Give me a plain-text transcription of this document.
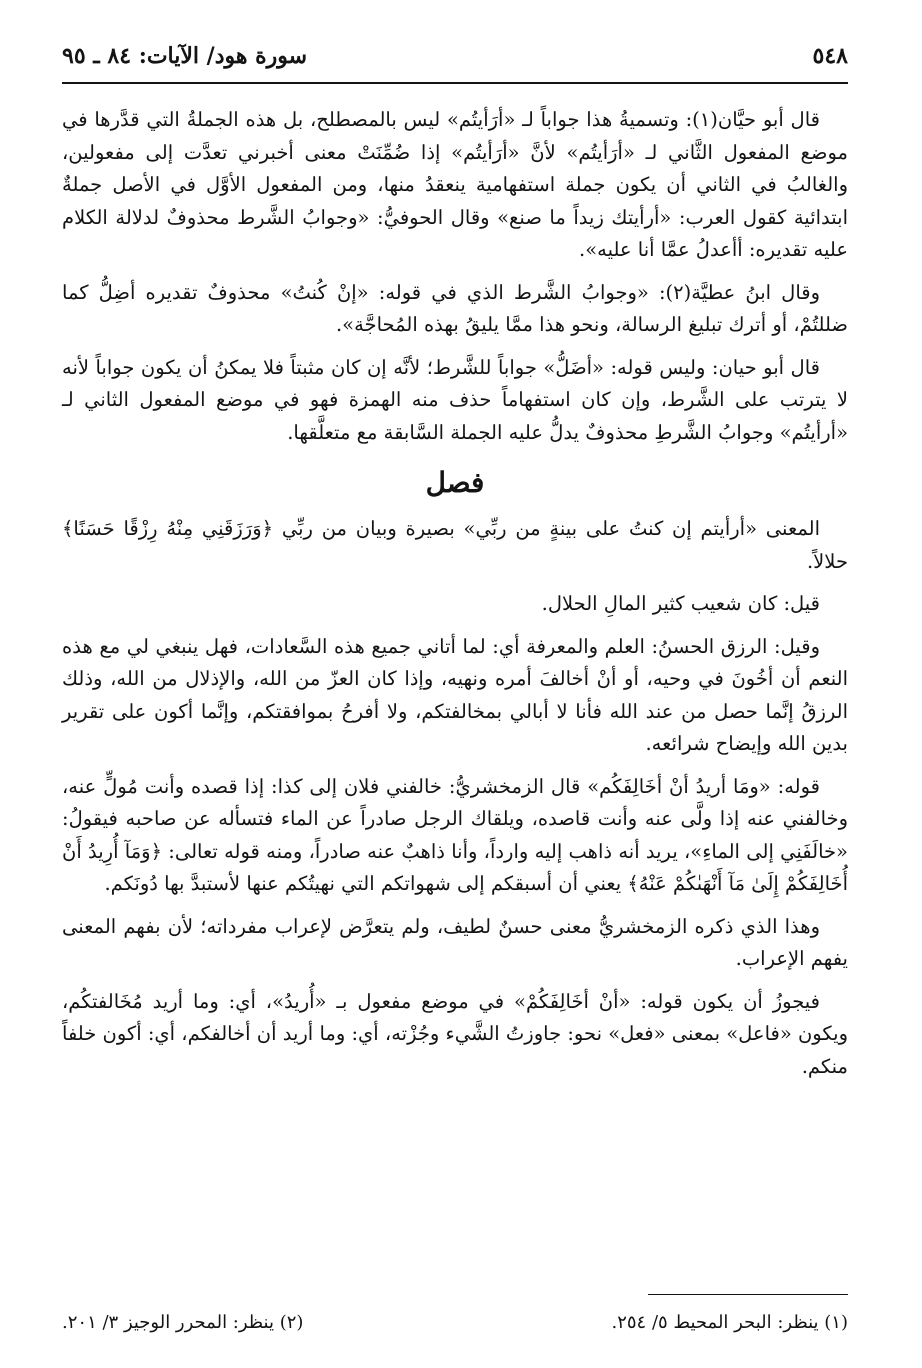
٥٤٨
سورة هود/ الآيات: ٨٤ ـ ٩٥

قال أبو حيَّان(١): وتسميةُ هذا جواباً لـ «أرَأيتُم» ليس بالمصطلح، بل هذه الجملةُ التي قدَّرها في موضع المفعول الثَّاني لـ «أرَأيتُم» لأنَّ «أرَأيتُم» إذا ضُمِّنَتْ معنى أخبرني تعدَّت إلى مفعولين، والغالبُ في الثاني أن يكون جملة استفهامية ينعقدُ منها، ومن المفعول الأوَّل في الأصل جملةٌ ابتدائية كقول العرب: «أرأيتك زيداً ما صنع» وقال الحوفيُّ: «وجوابُ الشَّرط محذوفٌ لدلالة الكلام عليه تقديره: أأعدلُ عمَّا أنا عليه».

وقال ابنُ عطيَّة(٢): «وجوابُ الشَّرط الذي في قوله: «إنْ كُنتُ» محذوفٌ تقديره أضِلُّ كما ضللتُمْ، أو أترك تبليغ الرسالة، ونحو هذا ممَّا يليقُ بهذه المُحاجَّة».

قال أبو حيان: وليس قوله: «أضَلُّ» جواباً للشَّرط؛ لأنَّه إن كان مثبتاً فلا يمكنُ أن يكون جواباً لأنه لا يترتب على الشَّرط، وإن كان استفهاماً حذف منه الهمزة فهو في موضع المفعول الثاني لـ «أرأيتُم» وجوابُ الشَّرطِ محذوفٌ يدلُّ عليه الجملة السَّابقة مع متعلَّقها.

فصل

المعنى «أرأيتم إن كنتُ على بينةٍ من ربِّي» بصيرة وبيان من ربِّي ﴿وَرَزَقَنِي مِنْهُ رِزْقًا حَسَنًا﴾ حلالاً.

قيل: كان شعيب كثير المالِ الحلال.

وقيل: الرزق الحسنُ: العلم والمعرفة أي: لما أتاني جميع هذه السَّعادات، فهل ينبغي لي مع هذه النعم أن أخُونَ في وحيه، أو أنْ أخالفَ أمره ونهيه، وإذا كان العزّ من الله، والإذلال من الله، وذلك الرزقُ إنَّما حصل من عند الله فأنا لا أبالي بمخالفتكم، ولا أفرحُ بموافقتكم، وإنَّما أكون على تقرير بدين الله وإيضاح شرائعه.

قوله: «ومَا أريدُ أنْ أخَالِفَكُم» قال الزمخشريُّ: خالفني فلان إلى كذا: إذا قصده وأنت مُولٍّ عنه، وخالفني عنه إذا ولَّى عنه وأنت قاصده، ويلقاك الرجل صادراً عن الماء فتسأله عن صاحبه فيقولُ: «خالَفَنِي إلى الماءِ»، يريد أنه ذاهب إليه وارداً، وأنا ذاهبٌ عنه صادراً، ومنه قوله تعالى: ﴿وَمَآ أُرِيدُ أَنْ أُخَالِفَكُمْ إِلَىٰ مَآ أَنْهَىٰكُمْ عَنْهُ﴾ يعني أن أسبقكم إلى شهواتكم التي نهيتُكم عنها لأستبدَّ بها دُونَكم.

وهذا الذي ذكره الزمخشريُّ معنى حسنٌ لطيف، ولم يتعرَّض لإعراب مفرداته؛ لأن بفهم المعنى يفهم الإعراب.

فيجوزُ أن يكون قوله: «أنْ أخَالِفَكُمْ» في موضع مفعول بـ «أُريدُ»، أي: وما أريد مُخَالفتكُم، ويكون «فاعل» بمعنى «فعل» نحو: جاوزتُ الشَّيء وجُزْته، أي: وما أريد أن أخالفكم، أي: أكون خلفاً منكم.

(١) ينظر: البحر المحيط ٥/ ٢٥٤.
(٢) ينظر: المحرر الوجيز ٣/ ٢٠١.
